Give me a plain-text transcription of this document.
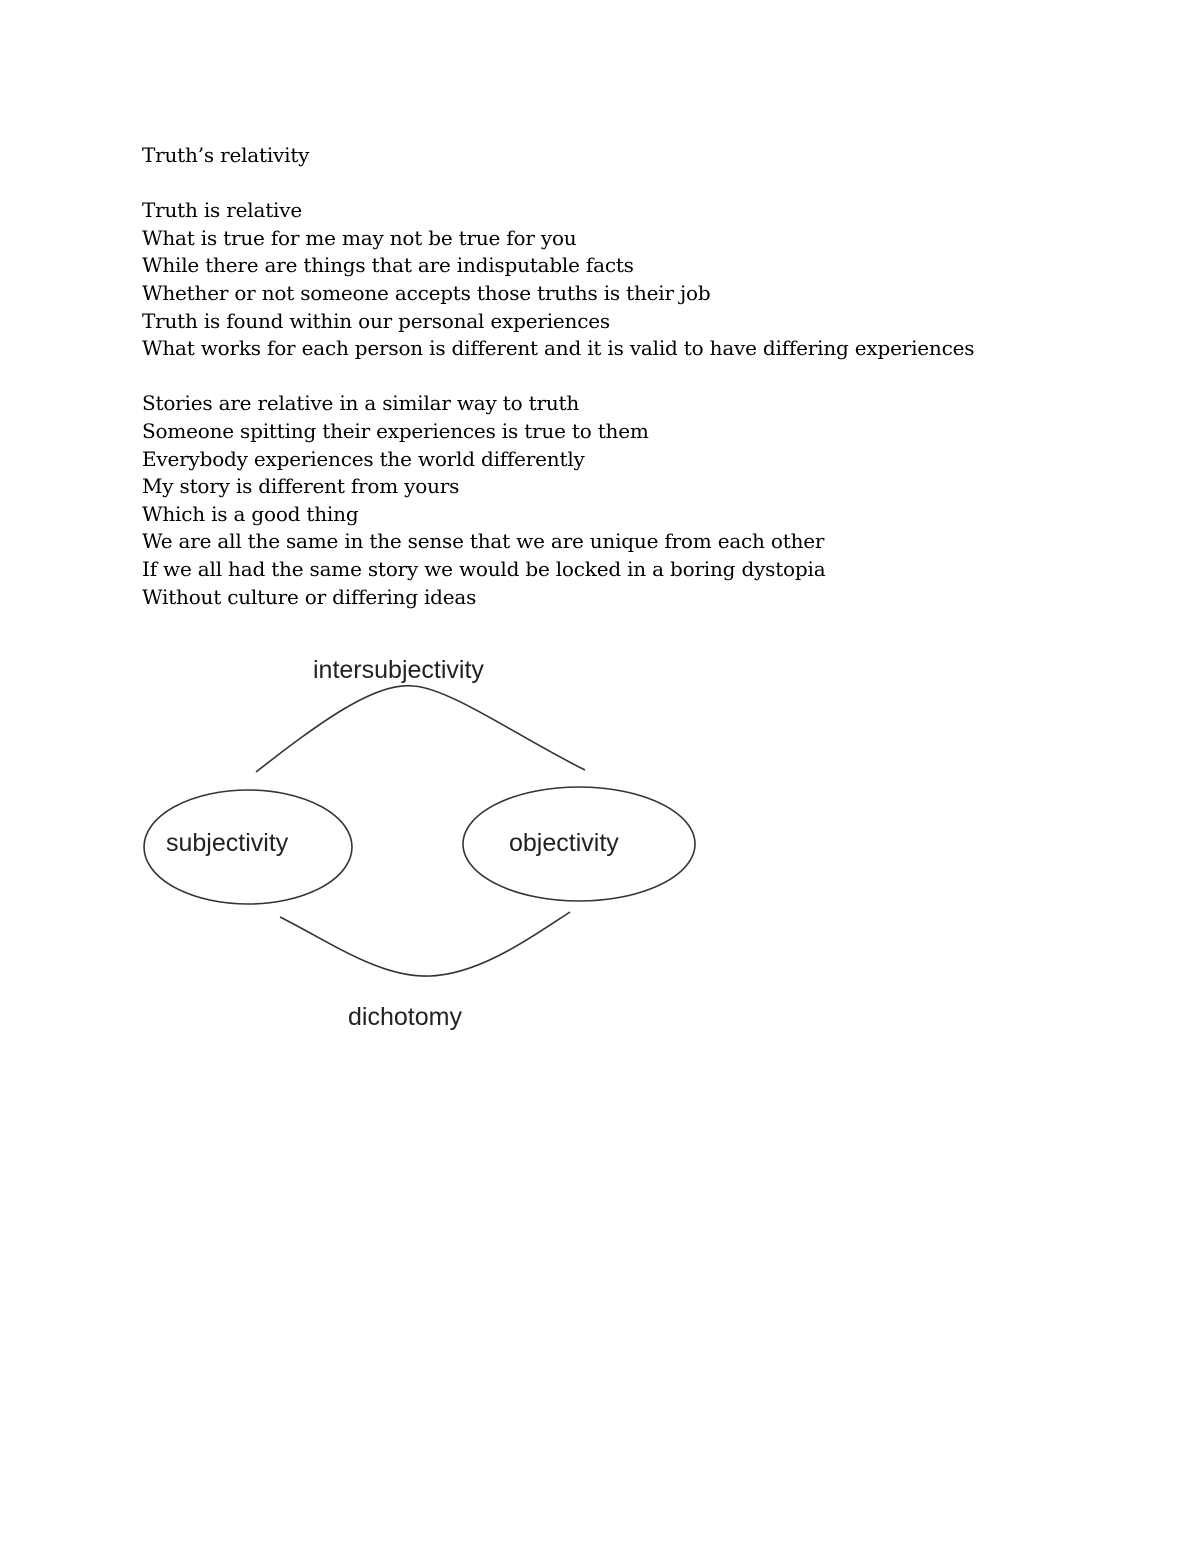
Truth’s relativity
Truth is relative
What is true for me may not be true for you
While there are things that are indisputable facts
Whether or not someone accepts those truths is their job
Truth is found within our personal experiences
What works for each person is different and it is valid to have differing experiences
Stories are relative in a similar way to truth
Someone spitting their experiences is true to them
Everybody experiences the world differently
My story is different from yours
Which is a good thing
We are all the same in the sense that we are unique from each other
If we all had the same story we would be locked in a boring dystopia
Without culture or differing ideas
intersubjectivity
subjectivity	objectivity
dichotomy
